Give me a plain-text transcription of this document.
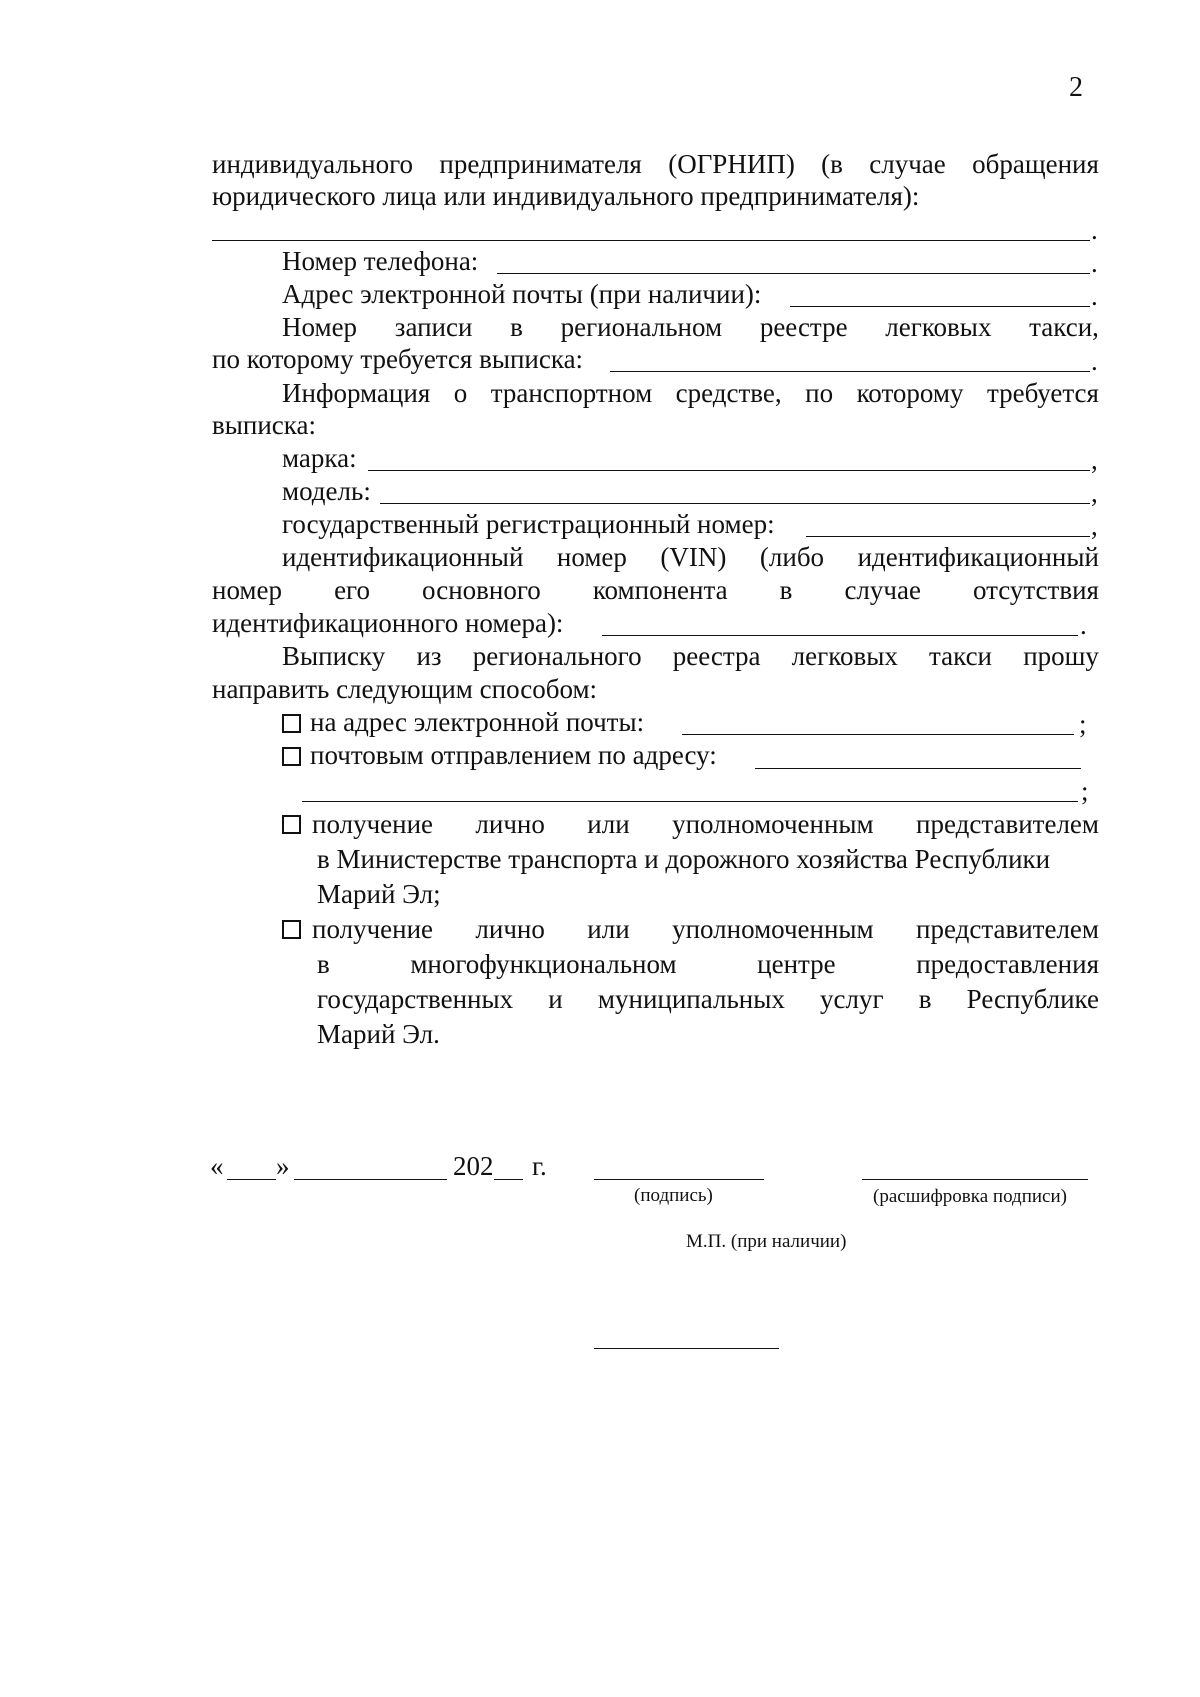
2
индивидуального предпринимателя (ОГРНИП) (в случае обращения
юридического лица или индивидуального предпринимателя):
.
Номер телефона:	.
Адрес электронной почты (при наличии):	.
Номер записи в региональном реестре легковых такси,
по которому требуется выписка:	.
Информация о транспортном средстве, по которому требуется
выписка:
марка:	,
модель:	,
государственный регистрационный номер:	,
идентификационный номер (VIN) (либо идентификационный
номер его основного компонента в случае отсутствия
идентификационного номера):	.
Выписку из регионального реестра легковых такси прошу
направить следующим способом:
на адрес электронной почты:	;
почтовым отправлением по адресу:
;
получение лично или уполномоченным представителем
в Министерстве транспорта и дорожного хозяйства Республики
Марий Эл;
получение лично или уполномоченным представителем
в	многофункциональном	центре	предоставления
государственных и муниципальных услуг в Республике
Марий Эл.
« »	202 г.
(подпись)	(расшифровка подписи)
М.П. (при наличии)
